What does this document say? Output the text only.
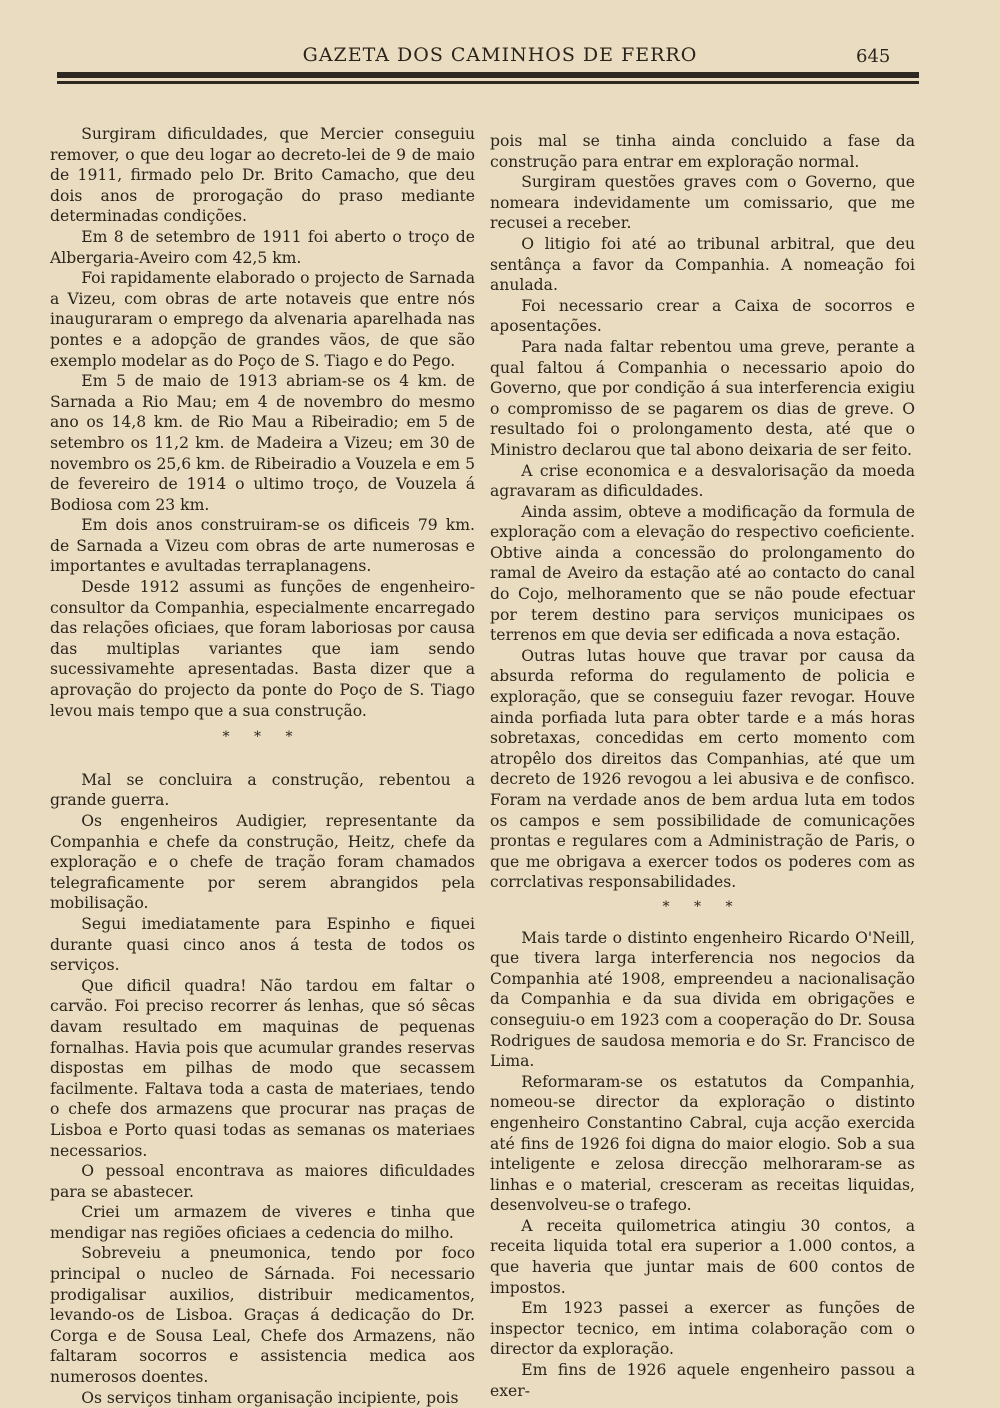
GAZETA DOS CAMINHOS DE FERRO	645

Surgiram dificuldades, que Mercier conseguiu remover, o que deu logar ao decreto-lei de 9 de maio de 1911, firmado pelo Dr. Brito Camacho, que deu dois anos de prorogação do praso mediante determinadas condições.

Em 8 de setembro de 1911 foi aberto o troço de Albergaria-Aveiro com 42,5 km.

Foi rapidamente elaborado o projecto de Sarnada a Vizeu, com obras de arte notaveis que entre nós inauguraram o emprego da alvenaria aparelhada nas pontes e a adopção de grandes vãos, de que são exemplo modelar as do Poço de S. Tiago e do Pego.

Em 5 de maio de 1913 abriam-se os 4 km. de Sarnada a Rio Mau; em 4 de novembro do mesmo ano os 14,8 km. de Rio Mau a Ribeiradio; em 5 de setembro os 11,2 km. de Madeira a Vizeu; em 30 de novembro os 25,6 km. de Ribeiradio a Vouzela e em 5 de fevereiro de 1914 o ultimo troço, de Vouzela á Bodiosa com 23 km.

Em dois anos construiram-se os dificeis 79 km. de Sarnada a Vizeu com obras de arte numerosas e importantes e avultadas terraplanagens.

Desde 1912 assumi as funções de engenheiro-consultor da Companhia, especialmente encarregado das relações oficiaes, que foram laboriosas por causa das multiplas variantes que iam sendo sucessivamehte apresentadas. Basta dizer que a aprovação do projecto da ponte do Poço de S. Tiago levou mais tempo que a sua construção.

* * *

Mal se concluira a construção, rebentou a grande guerra.

Os engenheiros Audigier, representante da Companhia e chefe da construção, Heitz, chefe da exploração e o chefe de tração foram chamados telegraficamente por serem abrangidos pela mobilisação.

Segui imediatamente para Espinho e fiquei durante quasi cinco anos á testa de todos os serviços.

Que dificil quadra! Não tardou em faltar o carvão. Foi preciso recorrer ás lenhas, que só sêcas davam resultado em maquinas de pequenas fornalhas. Havia pois que acumular grandes reservas dispostas em pilhas de modo que secassem facilmente. Faltava toda a casta de materiaes, tendo o chefe dos armazens que procurar nas praças de Lisboa e Porto quasi todas as semanas os materiaes necessarios.

O pessoal encontrava as maiores dificuldades para se abastecer.

Criei um armazem de viveres e tinha que mendigar nas regiões oficiaes a cedencia do milho.

Sobreveiu a pneumonica, tendo por foco principal o nucleo de Sárnada. Foi necessario prodigalisar auxilios, distribuir medicamentos, levando-os de Lisboa. Graças á dedicação do Dr. Corga e de Sousa Leal, Chefe dos Armazens, não faltaram socorros e assistencia medica aos numerosos doentes.

Os serviços tinham organisação incipiente, pois

pois mal se tinha ainda concluido a fase da construção para entrar em exploração normal.

Surgiram questões graves com o Governo, que nomeara indevidamente um comissario, que me recusei a receber.

O litigio foi até ao tribunal arbitral, que deu sentânça a favor da Companhia. A nomeação foi anulada.

Foi necessario crear a Caixa de socorros e aposentações.

Para nada faltar rebentou uma greve, perante a qual faltou á Companhia o necessario apoio do Governo, que por condição á sua interferencia exigiu o compromisso de se pagarem os dias de greve. O resultado foi o prolongamento desta, até que o Ministro declarou que tal abono deixaria de ser feito.

A crise economica e a desvalorisação da moeda agravaram as dificuldades.

Ainda assim, obteve a modificação da formula de exploração com a elevação do respectivo coeficiente. Obtive ainda a concessão do prolongamento do ramal de Aveiro da estação até ao contacto do canal do Cojo, melhoramento que se não poude efectuar por terem destino para serviços municipaes os terrenos em que devia ser edificada a nova estação.

Outras lutas houve que travar por causa da absurda reforma do regulamento de policia e exploração, que se conseguiu fazer revogar. Houve ainda porfiada luta para obter tarde e a más horas sobretaxas, concedidas em certo momento com atropêlo dos direitos das Companhias, até que um decreto de 1926 revogou a lei abusiva e de confisco. Foram na verdade anos de bem ardua luta em todos os campos e sem possibilidade de comunicações prontas e regulares com a Administração de Paris, o que me obrigava a exercer todos os poderes com as corrclativas responsabilidades.

* * *

Mais tarde o distinto engenheiro Ricardo O'Neill, que tivera larga interferencia nos negocios da Companhia até 1908, empreendeu a nacionalisação da Companhia e da sua divida em obrigações e conseguiu-o em 1923 com a cooperação do Dr. Sousa Rodrigues de saudosa memoria e do Sr. Francisco de Lima.

Reformaram-se os estatutos da Companhia, nomeou-se director da exploração o distinto engenheiro Constantino Cabral, cuja acção exercida até fins de 1926 foi digna do maior elogio. Sob a sua inteligente e zelosa direcção melhoraram-se as linhas e o material, cresceram as receitas liquidas, desenvolveu-se o trafego.

A receita quilometrica atingiu 30 contos, a receita liquida total era superior a 1.000 contos, a que haveria que juntar mais de 600 contos de impostos.

Em 1923 passei a exercer as funções de inspector tecnico, em intima colaboração com o director da exploração.

Em fins de 1926 aquele engenheiro passou a exer-
